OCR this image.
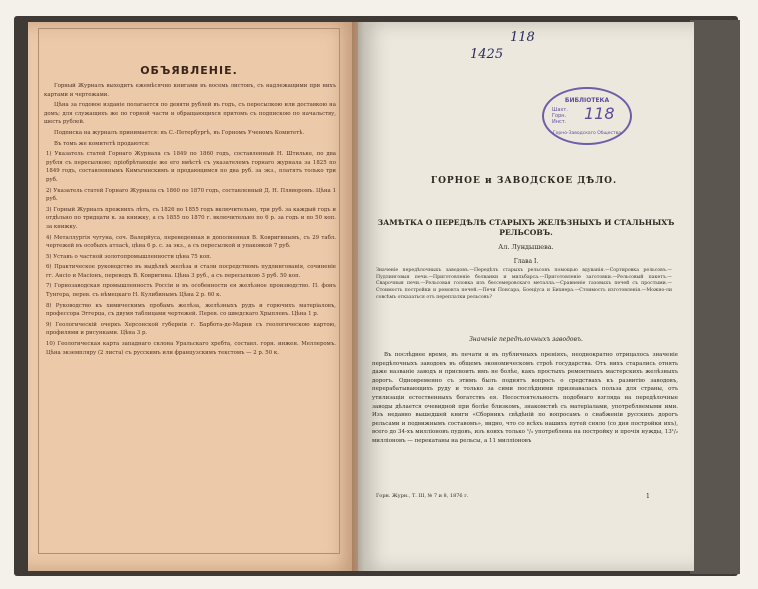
ОБЪЯВЛЕНІЕ.

Горный Журналъ выходитъ ежемѣсячно книгами въ восемь листовъ, съ надлежащими при нихъ картами и чертежами.

Цѣна за годовое изданіе полагается по девяти рублей въ годъ, съ пересылкою или доставкою на домъ; для служащихъ же по горной части и обращающихся притомъ съ подпискою по начальству, шесть рублей.

Подписка на журналъ принимается: въ С.-Петербургѣ, въ Горномъ Ученомъ Комитетѣ.

Въ томъ же комитетѣ продаются:

1) Указатель статей Горнаго Журнала съ 1849 по 1860 годъ, составленный Н. Штильке, по два рубля съ пересылкою; пріобрѣтающіе же его вмѣстѣ съ указателемъ горнаго журнала за 1825 по 1849 годъ, составленнымъ Кимъгинскимъ и продающимся по два руб. за экз., платятъ только три руб.

2) Указатель статей Горнаго Журнала съ 1860 по 1870 годъ, составленный Д. Н. Пляворомъ. Цѣна 1 руб.

3) Горный Журналъ прежнихъ лѣтъ, съ 1826 по 1855 годъ включительно, три руб. за каждый годъ и отдѣльно по тридцати к. за книжку, а съ 1855 по 1870 г. включительно по 6 р. за годъ и по 50 коп. за книжку.

4) Металлургія чугуна, соч. Валерйуса, переведенная и дополненная В. Ковригинымъ, съ 29 табл. чертежей въ особыхъ атласѣ, цѣна 6 р. с. за экз., а съ пересылкой и упаковкой 7 руб.

5) Уставъ о частной золотопромышленности цѣна 75 коп.

6) Практическое руководство въ выдѣлкѣ желѣза и стали посредствомъ пудлингованія, сочиненіе гг. Ансіо и Масіонъ, переводъ В. Ковригина. Цѣна 3 руб., а съ пересылкою 3 руб. 50 коп.

7) Горнозаводская промышленность Россіи и въ особенности ея желѣзное производство. П. фонъ Тунгера, перев. съ нѣмецкаго Н. Кулибинымъ Цѣна 2 р. 60 к.

8) Руководство къ химическимъ пробамъ желѣза, желѣзныхъ рудъ и горючихъ матеріаловъ, профессора Эггерца, съ двумя таблицами чертежей. Перев. со шведскаго Хрыплевъ. Цѣна 1 р.

9) Геологическій очеркъ Херсонской губерніи г. Барбота-де-Марни съ геологическою картою, профилями и рисунками. Цѣна 3 р.

10) Геологическая карта западнаго склона Уральскаго хребта, составл. горн. инжен. Меллеромъ. Цѣна экземпляру (2 листа) съ русскимъ или французскимъ текстомъ — 2 р. 50 к.

118
1425
БИБЛІОТЕКА
Шахт. Горн. Инст.	118
Горно-Заводскаго Общества
ГОРНОЕ и ЗАВОДСКОЕ ДѢЛО.
ЗАМѢТКА О ПЕРЕДѢЛѢ СТАРЫХЪ ЖЕЛѢЗНЫХЪ И СТАЛЬНЫХЪ РЕЛЬСОВЪ.
Ал. Лундышева.
Глава I.
Значеніе передѣлочныхъ заводовъ.—Передѣлъ старыхъ рельсовъ помощью вдуванія.—Сортировка рельсовъ.—Пудлинговыя печи.—Приготовленіе болванки и мильбарса.—Приготовленіе заготовки.—Рельсовый пакетъ.—Сварочныя печи.—Рельсовая головка изъ бессемеровскаго металла.—Сравненіе газовыхъ печей съ простыми.—Стоимость постройки и ремонта печей.—Печи Понсара, Боеціуса и Бихнера.—Стоимость изготовленія.—Можно-ли совсѣмъ отказаться отъ переплатки рельсовъ?
Значеніе передѣлочныхъ заводовъ.

Въ послѣднее время, въ печати и въ публичныхъ преніяхъ, неоднократно отрицалось значеніе передѣлочныхъ заводовъ въ общемъ экономическомъ строѣ государства. Отъ нихъ старались отнять даже названіе заводъ и присвоить имъ не болѣе, какъ простыхъ ремонтныхъ мастерскихъ желѣзныхъ дорогъ. Одновременно съ этимъ былъ поднятъ вопросъ о средствахъ къ развитію заводовъ, перерабатывающихъ руду и только за сими послѣдними признавалась польза для страны, отъ утилизаціи естественныхъ богатствъ ея. Несостоятельность подобнаго взгляда на передѣлочные заводы дѣлается очевидной при болѣе близкомъ, знакомствѣ съ матеріалами, употребляемыми ими. Изъ недавно вышедшей книги «Сборникъ свѣдѣній по вопросамъ о снабженіи русскихъ дорогъ рельсами и подвижнымъ составомъ», видно, что со всѣхъ нашихъ путей сняло (со дня постройки ихъ), всего до 34-хъ милліоновъ пудовъ, изъ коихъ только ¹/₃ употреблена на постройку и прочія нужды, 13¹/₂ милліоновъ — перекатаны на рельсы, а 11 милліоновъ

Горн. Журн., Т. III, № 7 и 8, 1876 г.	1
